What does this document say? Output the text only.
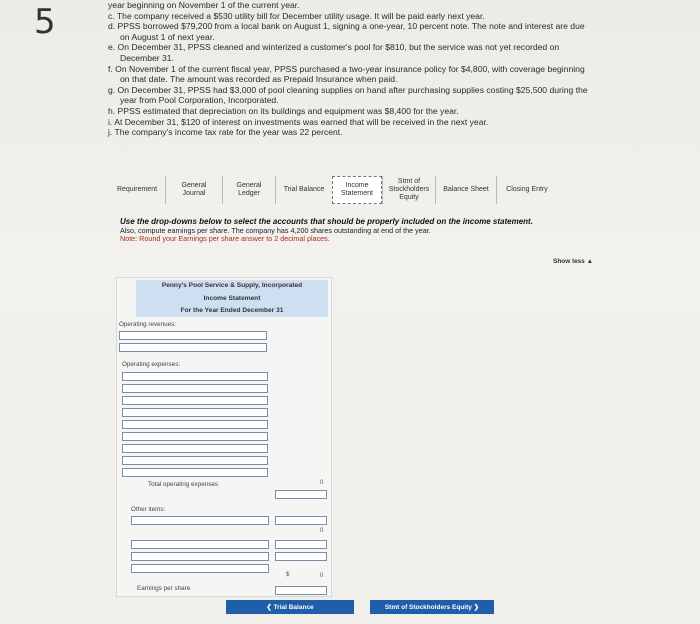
5	year beginning on November 1 of the current year.

c. The company received a $530 utility bill for December utility usage. It will be paid early next year.

d. PPSS borrowed $79,200 from a local bank on August 1, signing a one-year, 10 percent note. The note and interest are due

on August 1 of next year.

e. On December 31, PPSS cleaned and winterized a customer's pool for $810, but the service was not yet recorded on

December 31.

f. On November 1 of the current fiscal year, PPSS purchased a two-year insurance policy for $4,800, with coverage beginning

on that date. The amount was recorded as Prepaid Insurance when paid.

g. On December 31, PPSS had $3,000 of pool cleaning supplies on hand after purchasing supplies costing $25,500 during the

year from Pool Corporation, Incorporated.

h. PPSS estimated that depreciation on its buildings and equipment was $8,400 for the year.

i. At December 31, $120 of interest on investments was earned that will be received in the next year.

j. The company's income tax rate for the year was 22 percent.

Requirement
General Journal
General Ledger
Trial Balance
Income Statement
Stmt of Stockholders Equity
Balance Sheet	Closing Entry
Use the drop-downs below to select the accounts that should be properly included on the income statement.
Also, compute earnings per share. The company has 4,200 shares outstanding at end of the year.
Note: Round your Earnings per share answer to 2 decimal places.
Show less ▲
Penny's Pool Service & Supply, Incorporated
Income Statement
For the Year Ended December 31
Operating revenues:
Operating expenses:
Total operating expenses	0
Other items:
0
$	0
Earnings per share
❮ Trial Balance	Stmt of Stockholders Equity ❯
